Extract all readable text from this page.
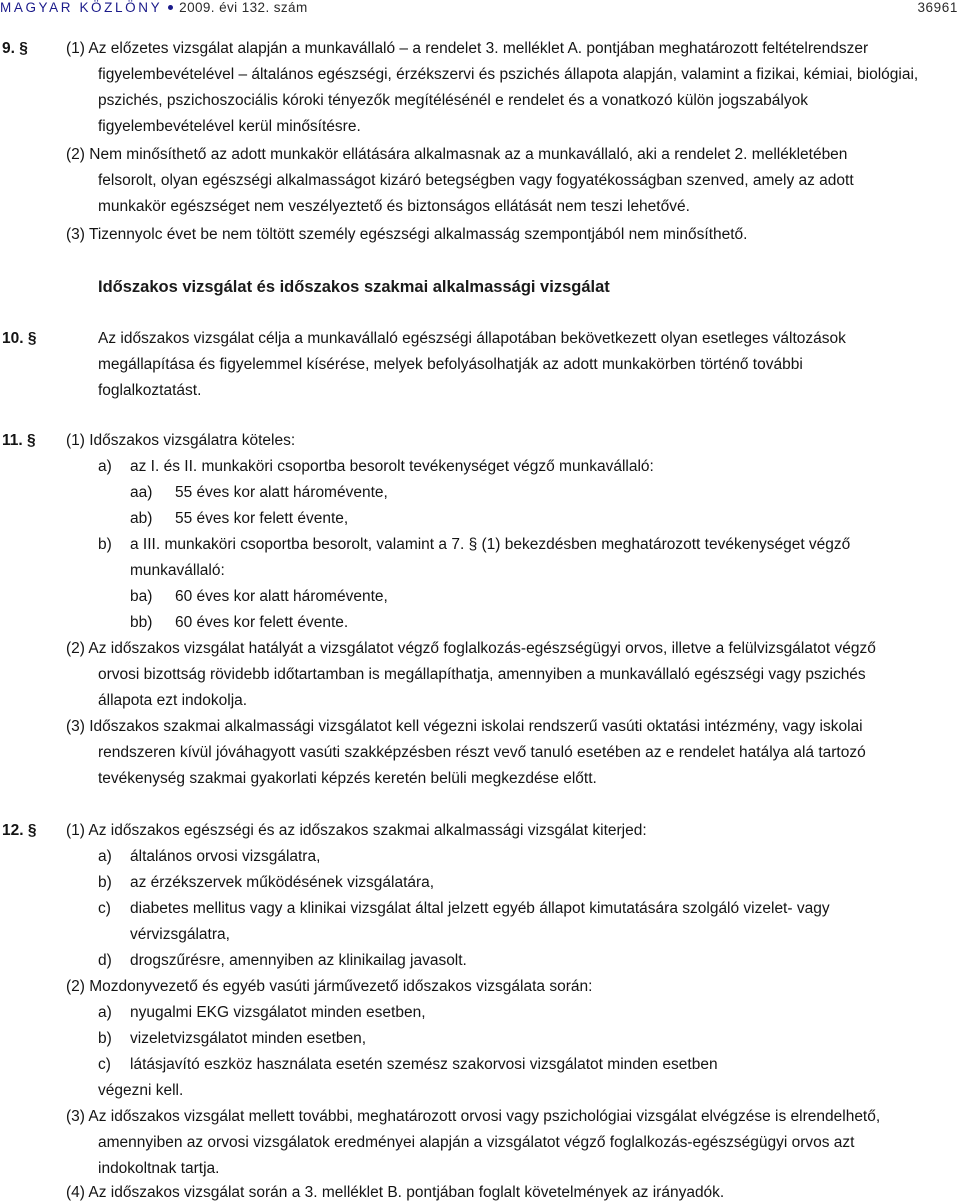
MAGYAR KÖZLÖNY 2009. évi 132. szám	36961
9. § (1) Az előzetes vizsgálat alapján a munkavállaló – a rendelet 3. melléklet A. pontjában meghatározott feltételrendszer
figyelembevételével – általános egészségi, érzékszervi és pszichés állapota alapján, valamint a fizikai, kémiai, biológiai,
pszichés, pszichoszociális kóroki tényezők megítélésénél e rendelet és a vonatkozó külön jogszabályok
figyelembevételével kerül minősítésre.
(2) Nem minősíthető az adott munkakör ellátására alkalmasnak az a munkavállaló, aki a rendelet 2. mellékletében
felsorolt, olyan egészségi alkalmasságot kizáró betegségben vagy fogyatékosságban szenved, amely az adott
munkakör egészséget nem veszélyeztető és biztonságos ellátását nem teszi lehetővé.
(3) Tizennyolc évet be nem töltött személy egészségi alkalmasság szempontjából nem minősíthető.
Időszakos vizsgálat és időszakos szakmai alkalmassági vizsgálat
10. §	Az időszakos vizsgálat célja a munkavállaló egészségi állapotában bekövetkezett olyan esetleges változások
megállapítása és figyelemmel kísérése, melyek befolyásolhatják az adott munkakörben történő további
foglalkoztatást.
11. § (1) Időszakos vizsgálatra köteles:
a) az I. és II. munkaköri csoportba besorolt tevékenységet végző munkavállaló:
aa) 55 éves kor alatt háromévente,
ab) 55 éves kor felett évente,
b) a III. munkaköri csoportba besorolt, valamint a 7. § (1) bekezdésben meghatározott tevékenységet végző
munkavállaló:
ba) 60 éves kor alatt háromévente,
bb) 60 éves kor felett évente.
(2) Az időszakos vizsgálat hatályát a vizsgálatot végző foglalkozás-egészségügyi orvos, illetve a felülvizsgálatot végző
orvosi bizottság rövidebb időtartamban is megállapíthatja, amennyiben a munkavállaló egészségi vagy pszichés
állapota ezt indokolja.
(3) Időszakos szakmai alkalmassági vizsgálatot kell végezni iskolai rendszerű vasúti oktatási intézmény, vagy iskolai
rendszeren kívül jóváhagyott vasúti szakképzésben részt vevő tanuló esetében az e rendelet hatálya alá tartozó
tevékenység szakmai gyakorlati képzés keretén belüli megkezdése előtt.
12. § (1) Az időszakos egészségi és az időszakos szakmai alkalmassági vizsgálat kiterjed:
a) általános orvosi vizsgálatra,
b) az érzékszervek működésének vizsgálatára,
c) diabetes mellitus vagy a klinikai vizsgálat által jelzett egyéb állapot kimutatására szolgáló vizelet- vagy
vérvizsgálatra,
d) drogszűrésre, amennyiben az klinikailag javasolt.
(2) Mozdonyvezető és egyéb vasúti járművezető időszakos vizsgálata során:
a) nyugalmi EKG vizsgálatot minden esetben,
b) vizeletvizsgálatot minden esetben,
c) látásjavító eszköz használata esetén szemész szakorvosi vizsgálatot minden esetben
végezni kell.
(3) Az időszakos vizsgálat mellett további, meghatározott orvosi vagy pszichológiai vizsgálat elvégzése is elrendelhető,
amennyiben az orvosi vizsgálatok eredményei alapján a vizsgálatot végző foglalkozás-egészségügyi orvos azt
indokoltnak tartja.
(4) Az időszakos vizsgálat során a 3. melléklet B. pontjában foglalt követelmények az irányadók.
